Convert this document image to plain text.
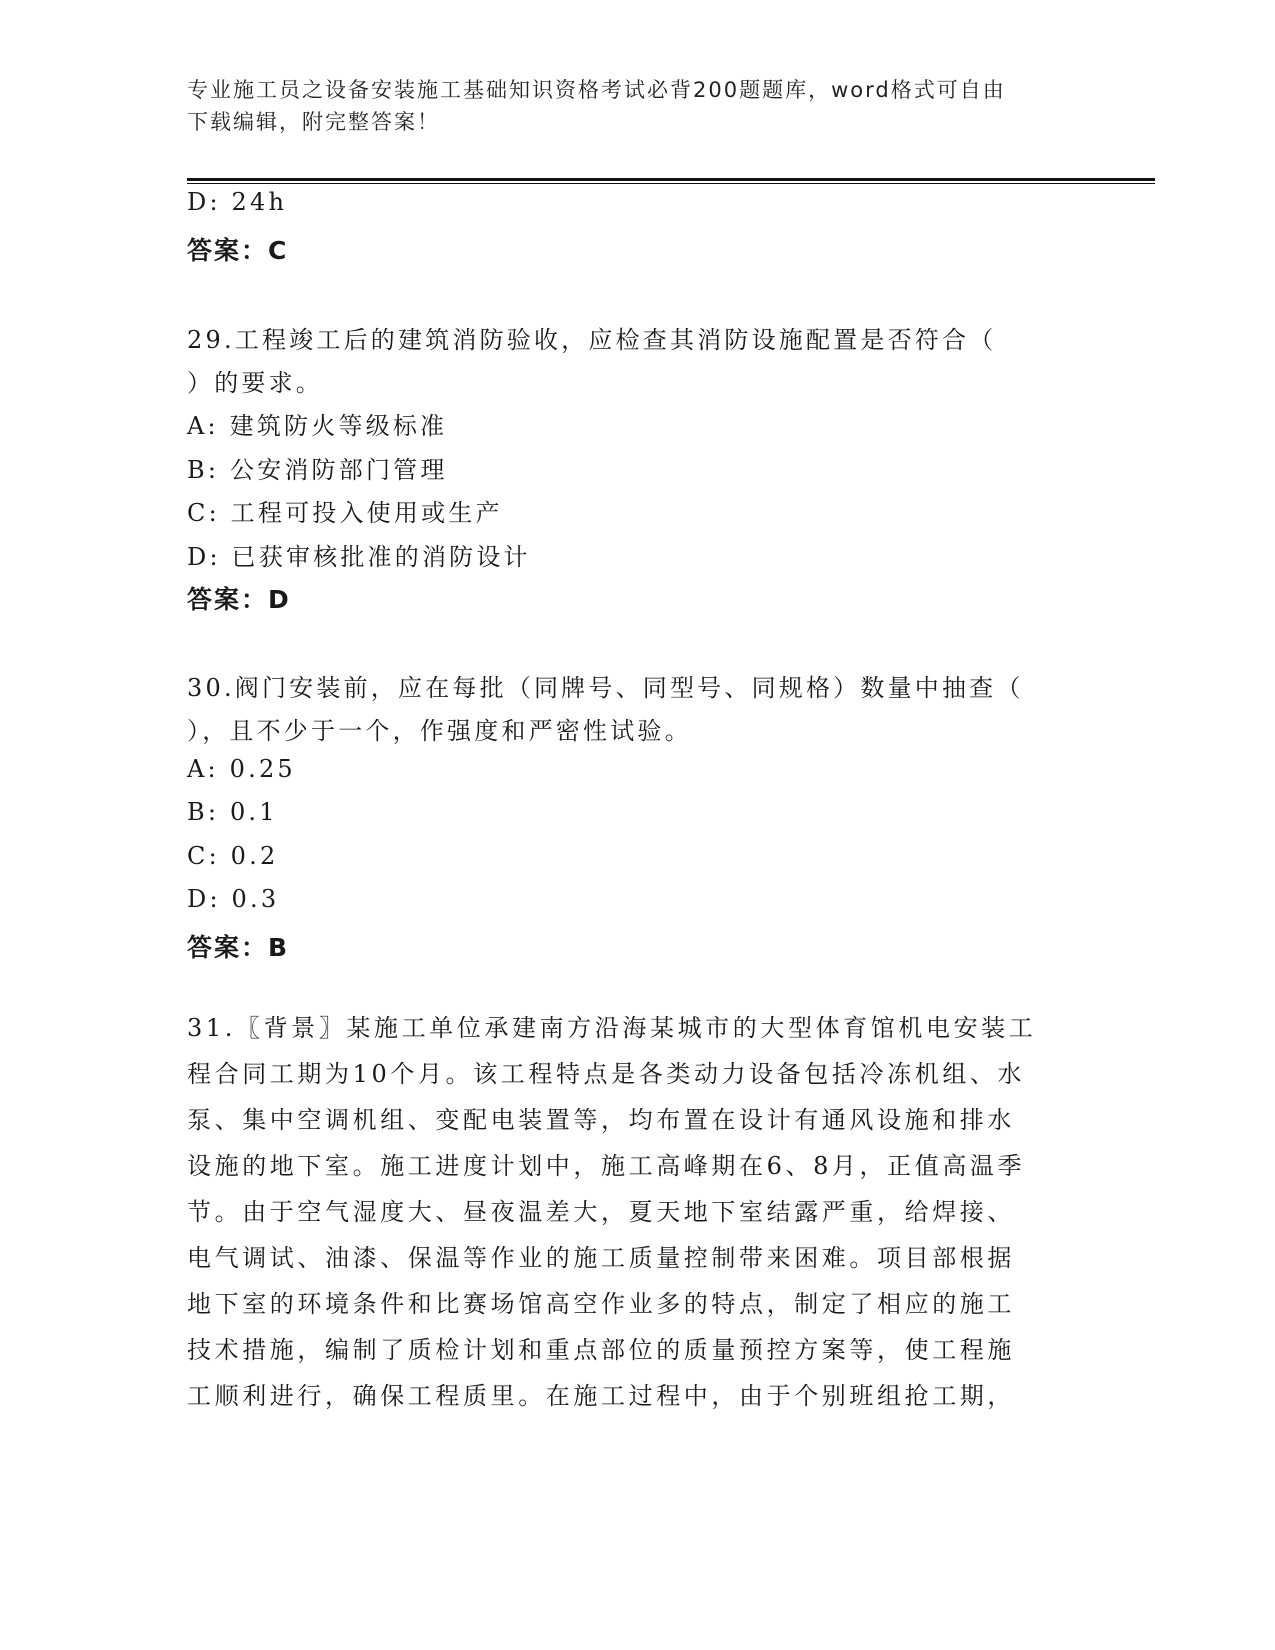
专业施工员之设备安装施工基础知识资格考试必背200题题库，word格式可自由
下载编辑，附完整答案！
D: 24h
答案：C
29.工程竣工后的建筑消防验收，应检查其消防设施配置是否符合（
）的要求。
A: 建筑防火等级标准
B: 公安消防部门管理
C: 工程可投入使用或生产
D: 已获审核批准的消防设计
答案：D
30.阀门安装前，应在每批（同牌号、同型号、同规格）数量中抽查（
），且不少于一个，作强度和严密性试验。
A: 0.25
B: 0.1
C: 0.2
D: 0.3
答案：B
31.〖背景〗某施工单位承建南方沿海某城市的大型体育馆机电安装工
程合同工期为10个月。该工程特点是各类动力设备包括冷冻机组、水
泵、集中空调机组、变配电装置等，均布置在设计有通风设施和排水
设施的地下室。施工进度计划中，施工高峰期在6、8月，正值高温季
节。由于空气湿度大、昼夜温差大，夏天地下室结露严重，给焊接、
电气调试、油漆、保温等作业的施工质量控制带来困难。项目部根据
地下室的环境条件和比赛场馆高空作业多的特点，制定了相应的施工
技术措施，编制了质检计划和重点部位的质量预控方案等，使工程施
工顺利进行，确保工程质里。在施工过程中，由于个别班组抢工期，
